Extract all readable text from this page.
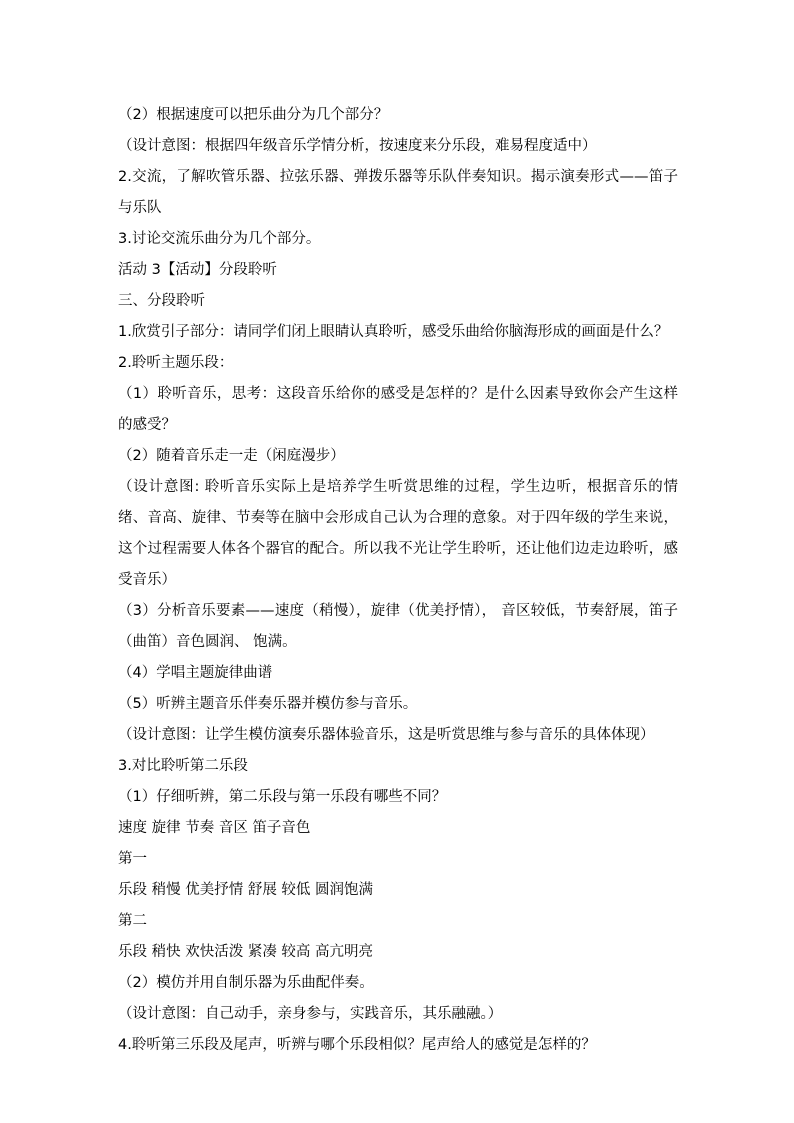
（2）根据速度可以把乐曲分为几个部分？
（设计意图：根据四年级音乐学情分析，按速度来分乐段，难易程度适中）
2.交流，了解吹管乐器、拉弦乐器、弹拨乐器等乐队伴奏知识。揭示演奏形式——笛子与乐队
3.讨论交流乐曲分为几个部分。
活动 3【活动】分段聆听
三、分段聆听
1.欣赏引子部分：请同学们闭上眼睛认真聆听，感受乐曲给你脑海形成的画面是什么？
2.聆听主题乐段：
（1）聆听音乐，思考：这段音乐给你的感受是怎样的？是什么因素导致你会产生这样的感受？
（2）随着音乐走一走（闲庭漫步）
（设计意图: 聆听音乐实际上是培养学生听赏思维的过程，学生边听，根据音乐的情绪、音高、旋律、节奏等在脑中会形成自己认为合理的意象。对于四年级的学生来说，这个过程需要人体各个器官的配合。所以我不光让学生聆听，还让他们边走边聆听，感受音乐）
（3）分析音乐要素——速度（稍慢），旋律（优美抒情）， 音区较低，节奏舒展，笛子（曲笛）音色圆润、 饱满。
（4）学唱主题旋律曲谱
（5）听辨主题音乐伴奏乐器并模仿参与音乐。
（设计意图：让学生模仿演奏乐器体验音乐，这是听赏思维与参与音乐的具体体现）
3.对比聆听第二乐段
（1）仔细听辨，第二乐段与第一乐段有哪些不同？
速度 旋律 节奏 音区 笛子音色
第一
乐段 稍慢 优美抒情 舒展 较低 圆润饱满
第二
乐段 稍快 欢快活泼 紧凑 较高 高亢明亮
（2）模仿并用自制乐器为乐曲配伴奏。
（设计意图：自己动手，亲身参与，实践音乐，其乐融融。）
4.聆听第三乐段及尾声，听辨与哪个乐段相似？尾声给人的感觉是怎样的？
